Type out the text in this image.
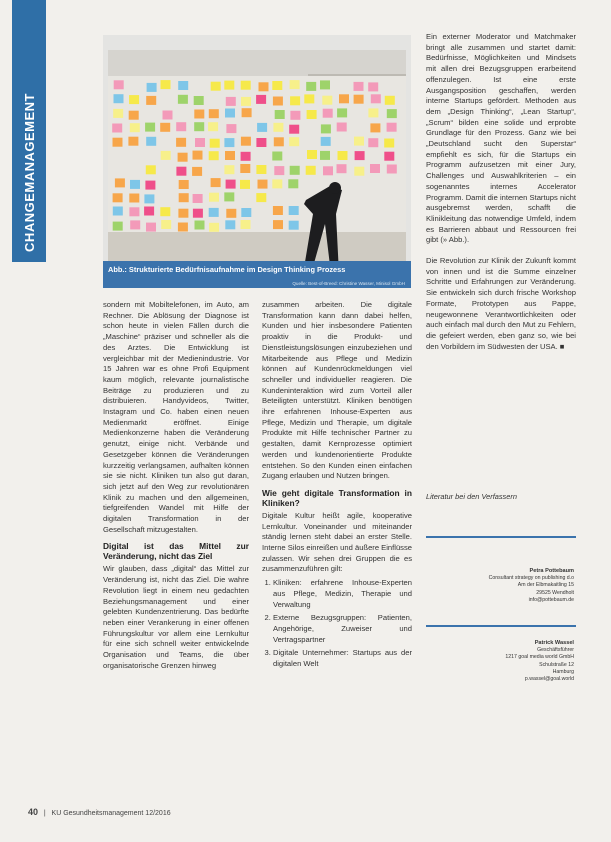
CHANGEMANAGEMENT
Abb.: Strukturierte Bedürfnisaufnahme im Design Thinking Prozess
Quelle: Best-of-Breed: Christine Wasser, Minisol GmbH

Ein externer Moderator und Matchmaker bringt alle zusammen und startet damit: Bedürfnisse, Möglichkeiten und Mindsets mit allen drei Bezugsgruppen erarbeitend offenzulegen. Ist eine erste Ausgangsposition geschaffen, werden interne Startups gefördert. Methoden aus dem „Design Thinking“, „Lean Startup“, „Scrum“ bilden eine solide und erprobte Grundlage für den Prozess. Ganz wie bei „Deutschland sucht den Superstar“ empfiehlt es sich, für die Startups ein Programm aufzusetzen mit einer Jury, Challenges und Auswahlkriterien – ein sogenanntes internes Accelerator Programm. Damit die internen Startups nicht ausgebremst werden, schafft die Klinikleitung das notwendige Umfeld, indem es Barrieren abbaut und Ressourcen frei gibt (» Abb.).

Die Revolution zur Klinik der Zukunft kommt von innen und ist die Summe einzelner Schritte und Erfahrungen zur Veränderung. Sie entwickeln sich durch frische Workshop Formate, Prototypen aus Pappe, neugewonnene Verantwortlichkeiten oder auch einfach mal durch den Mut zu Fehlern, die gefeiert werden, eben ganz so, wie bei den Vorbildern im Südwesten der USA. ■

sondern mit Mobiltelefonen, im Auto, am Rechner. Die Ablösung der Diagnose ist schon heute in vielen Fällen durch die „Maschine“ präziser und schneller als die des Arztes. Die Entwicklung ist vergleichbar mit der Medienindustrie. Vor 15 Jahren war es ohne Profi Equipment kaum möglich, relevante journalistische Beiträge zu produzieren und zu distribuieren. Handyvideos, Twitter, Instagram und Co. haben einen neuen Medienmarkt eröffnet. Einige Medienkonzerne haben die Veränderung genutzt, einige nicht. Verbände und Gesetzgeber können die Veränderungen kurzzeitig verlangsamen, aufhalten können sie sie nicht. Kliniken tun also gut daran, sich jetzt auf den Weg zur revolutionären Klinik zu machen und den allgemeinen, tiefgreifenden Wandel mit Hilfe der digitalen Transformation in der Gesellschaft mitzugestalten.

Digital ist das Mittel zur Veränderung, nicht das Ziel

Wir glauben, dass „digital“ das Mittel zur Veränderung ist, nicht das Ziel. Die wahre Revolution liegt in einem neu gedachten Beziehungsmanagement und einer gelebten Kundenzentrierung. Das bedürfte neben einer Verankerung in einer offenen Führungskultur vor allem eine Lernkultur für eine sich schnell weiter entwickelnde Organisation und Teams, die über organisatorische Grenzen hinweg

zusammen arbeiten. Die digitale Transformation kann dann dabei helfen, Kunden und hier insbesondere Patienten proaktiv in die Produkt- und Dienstleistungslösungen einzubeziehen und Mitarbeitende aus Pflege und Medizin können auf Kundenrückmeldungen viel schneller und individueller reagieren. Die Kundeninteraktion wird zum Vorteil aller Beteiligten unterstützt. Kliniken benötigen ihre erfahrenen Inhouse-Experten aus Pflege, Medizin und Therapie, um digitale Produkte mit Hilfe technischer Partner zu gestalten, damit Kernprozesse optimiert werden und kundenorientierte Produkte entstehen. So den Kunden einen einfachen Zugang erlauben und Nutzen bringen.

Wie geht digitale Transformation in Kliniken?

Digitale Kultur heißt agile, kooperative Lernkultur. Voneinander und miteinander ständig lernen steht dabei an erster Stelle. Interne Silos einreißen und äußere Einflüsse zulassen. Wir sehen drei Gruppen die es zusammenzuführen gilt:

1. Kliniken: erfahrene Inhouse-Experten aus Pflege, Medizin, Therapie und Verwaltung
2. Externe Bezugsgruppen: Patienten, Angehörige, Zuweiser und Vertragspartner
3. Digitale Unternehmer: Startups aus der digitalen Welt
Literatur bei den Verfassern
Petra Pottebaum
Consultant strategy on publishing d.o
Am der Elbmakaitling 15
29525 Wendholt
info@pottebaum.de
Patrick Wassel
Geschäftsführer
1217 goal media world GmbH
Schulstraße 12
Hamburg
p.wassel@goal.world
40 | KU Gesundheitsmanagement 12/2016
